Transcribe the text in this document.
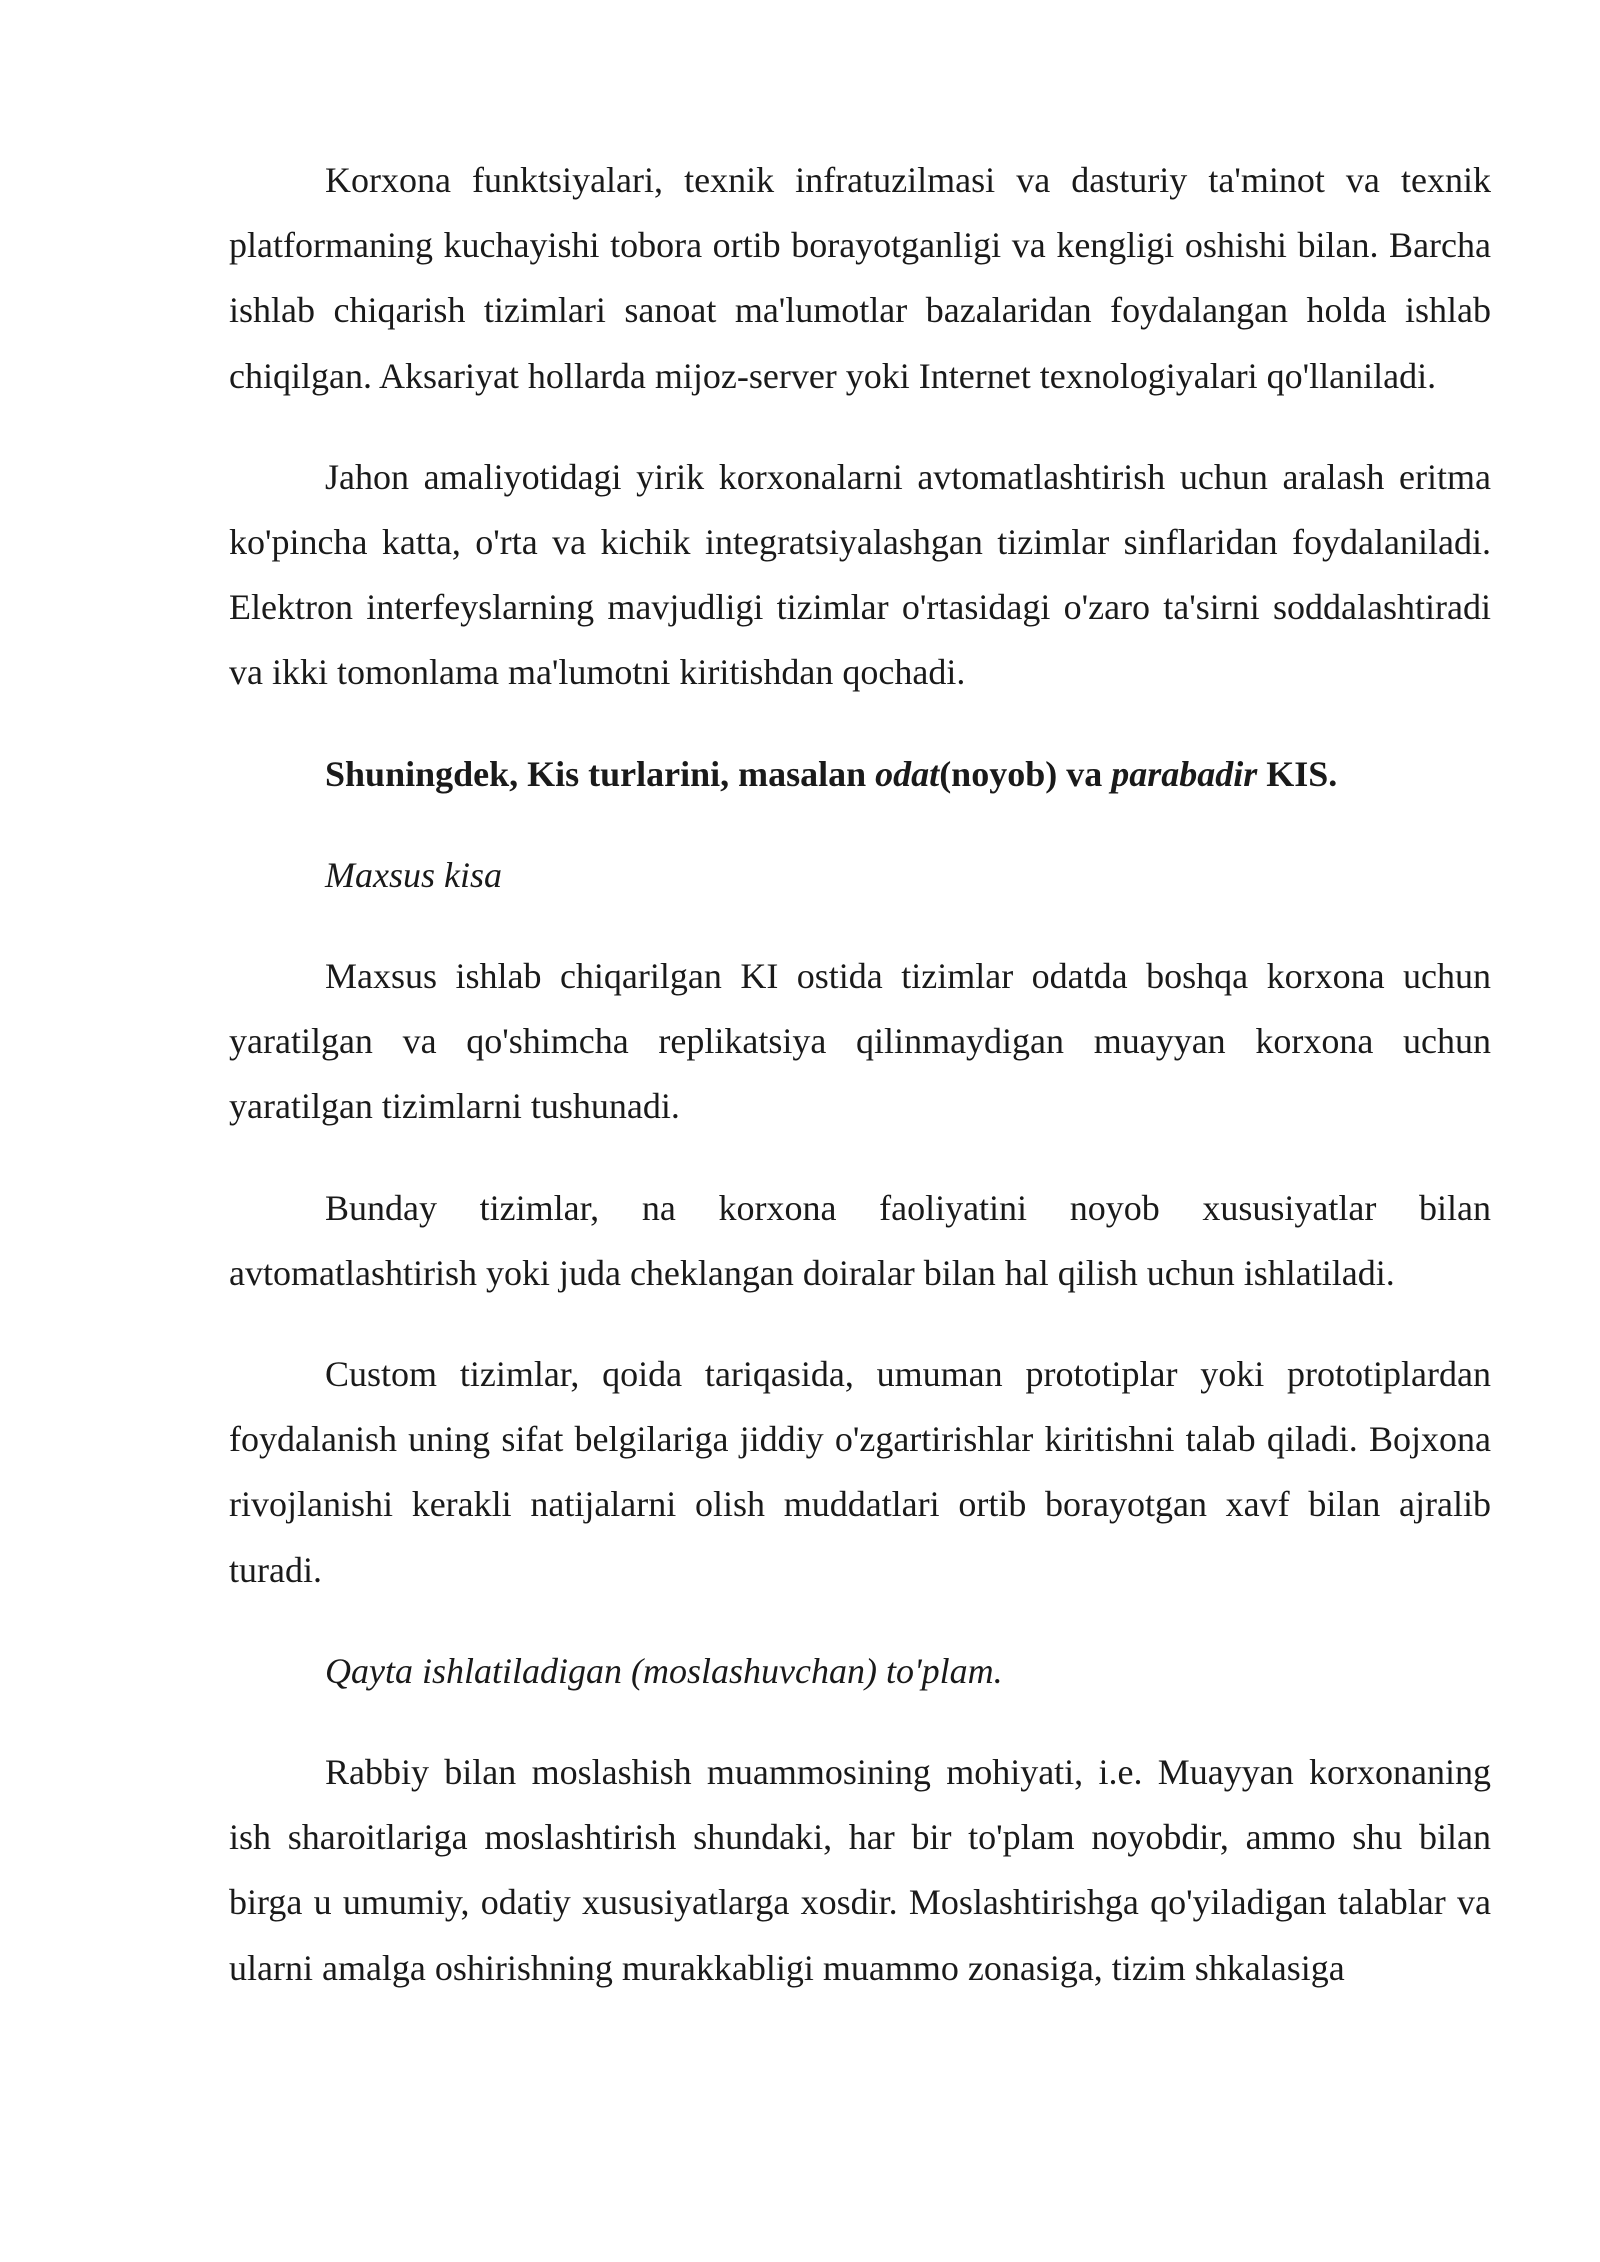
Korxona funktsiyalari, texnik infratuzilmasi va dasturiy ta'minot va texnik platformaning kuchayishi tobora ortib borayotganligi va kengligi oshishi bilan. Barcha ishlab chiqarish tizimlari sanoat ma'lumotlar bazalaridan foydalangan holda ishlab chiqilgan. Aksariyat hollarda mijoz-server yoki Internet texnologiyalari qo'llaniladi.

Jahon amaliyotidagi yirik korxonalarni avtomatlashtirish uchun aralash eritma ko'pincha katta, o'rta va kichik integratsiyalashgan tizimlar sinflaridan foydalaniladi. Elektron interfeyslarning mavjudligi tizimlar o'rtasidagi o'zaro ta'sirni soddalashtiradi va ikki tomonlama ma'lumotni kiritishdan qochadi.

Shuningdek, Kis turlarini, masalan odat(noyob) va parabadir KIS.

Maxsus kisa

Maxsus ishlab chiqarilgan KI ostida tizimlar odatda boshqa korxona uchun yaratilgan va qo'shimcha replikatsiya qilinmaydigan muayyan korxona uchun yaratilgan tizimlarni tushunadi.

Bunday tizimlar, na korxona faoliyatini noyob xususiyatlar bilan avtomatlashtirish yoki juda cheklangan doiralar bilan hal qilish uchun ishlatiladi.

Custom tizimlar, qoida tariqasida, umuman prototiplar yoki prototiplardan foydalanish uning sifat belgilariga jiddiy o'zgartirishlar kiritishni talab qiladi. Bojxona rivojlanishi kerakli natijalarni olish muddatlari ortib borayotgan xavf bilan ajralib turadi.

Qayta ishlatiladigan (moslashuvchan) to'plam.

Rabbiy bilan moslashish muammosining mohiyati, i.e. Muayyan korxonaning ish sharoitlariga moslashtirish shundaki, har bir to'plam noyobdir, ammo shu bilan birga u umumiy, odatiy xususiyatlarga xosdir. Moslashtirishga qo'yiladigan talablar va ularni amalga oshirishning murakkabligi muammo zonasiga, tizim shkalasiga
